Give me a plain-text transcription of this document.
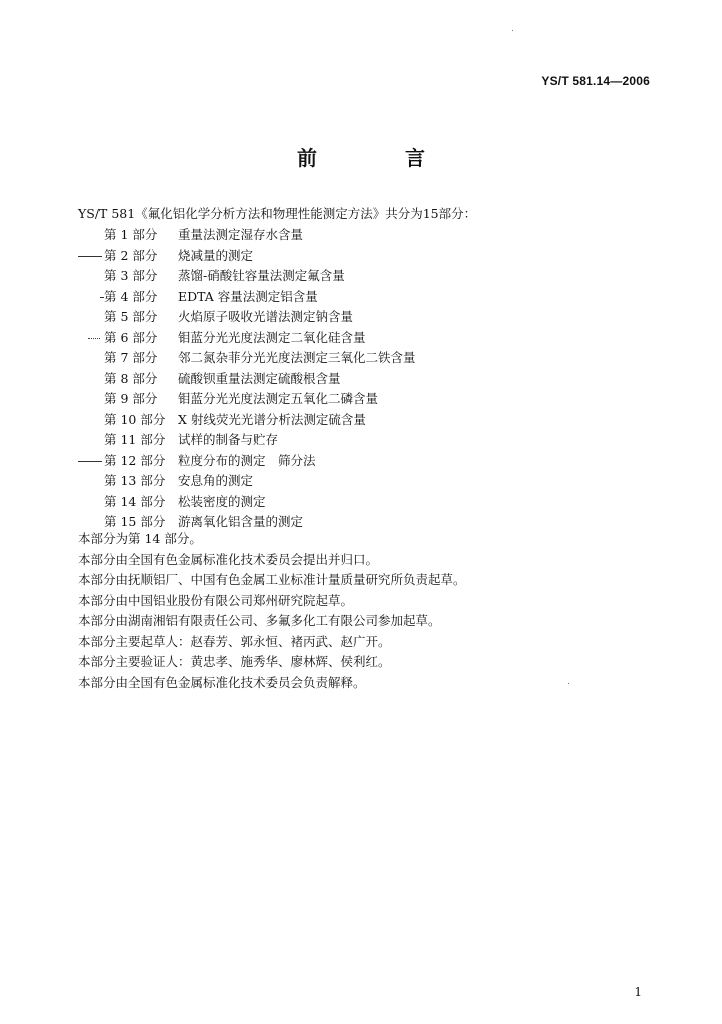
YS/T 581.14—2006
前　言
YS/T 581《氟化铝化学分析方法和物理性能测定方法》共分为15部分：
第 1 部分 重量法测定湿存水含量
第 2 部分 烧减量的测定
第 3 部分 蒸馏-硝酸钍容量法测定氟含量
第 4 部分 EDTA 容量法测定铝含量
第 5 部分 火焰原子吸收光谱法测定钠含量
第 6 部分 钼蓝分光光度法测定二氧化硅含量
第 7 部分 邻二氮杂菲分光光度法测定三氧化二铁含量
第 8 部分 硫酸钡重量法测定硫酸根含量
第 9 部分 钼蓝分光光度法测定五氧化二磷含量
第 10 部分 X 射线荧光光谱分析法测定硫含量
第 11 部分 试样的制备与贮存
第 12 部分 粒度分布的测定　筛分法
第 13 部分 安息角的测定
第 14 部分 松装密度的测定
第 15 部分 游离氧化铝含量的测定

本部分为第 14 部分。

本部分由全国有色金属标准化技术委员会提出并归口。

本部分由抚顺铝厂、中国有色金属工业标准计量质量研究所负责起草。

本部分由中国铝业股份有限公司郑州研究院起草。

本部分由湖南湘铝有限责任公司、多氟多化工有限公司参加起草。

本部分主要起草人：赵春芳、郭永恒、褚丙武、赵广开。

本部分主要验证人：黄忠孝、施秀华、廖林辉、侯利红。

本部分由全国有色金属标准化技术委员会负责解释。

1
